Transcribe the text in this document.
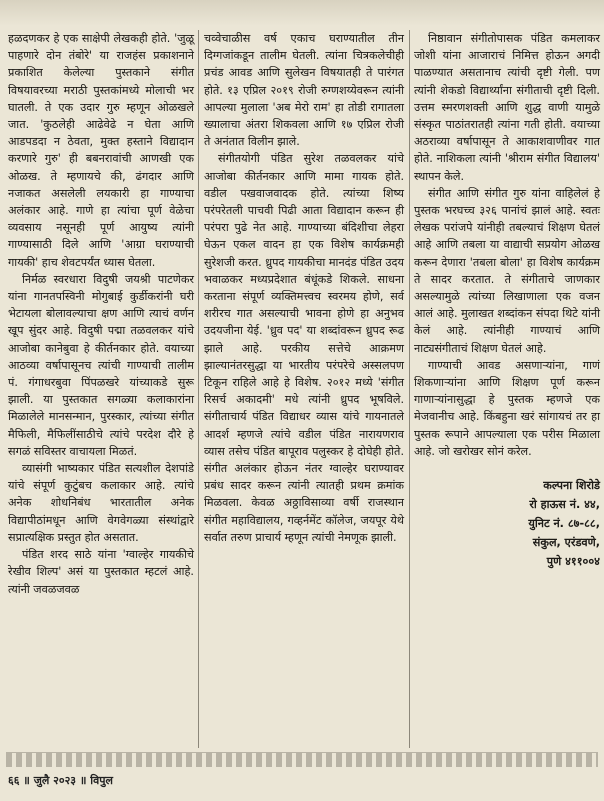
हळदणकर हे एक साक्षेपी लेखकही होते. 'जुळू पाहणारे दोन तंबोरे' या राजहंस प्रकाशनाने प्रकाशित केलेल्या पुस्तकाने संगीत विषयावरच्या मराठी पुस्तकांमध्ये मोलाची भर घातली. ते एक उदार गुरु म्हणून ओळखले जात. 'कुठलेही आढेवेढे न घेता आणि आडपडदा न ठेवता, मुक्त हस्ताने विद्यादान करणारे गुरु' ही बबनरावांची आणखी एक ओळख. ते म्हणायचे की, ढंगदार आणि नजाकत असलेली लयकारी हा गाण्याचा अलंकार आहे. गाणे हा त्यांचा पूर्ण वेळेचा व्यवसाय नसूनही पूर्ण आयुष्य त्यांनी गाण्यासाठी दिले आणि 'आग्रा घराण्याची गायकी' हाच शेवटपर्यंत ध्यास घेतला.

निर्मळ स्वरधारा विदुषी जयश्री पाटणेकर यांना गानतपस्विनी मोगुबाई कुर्डीकरांनी घरी भेटायला बोलावल्याचा क्षण आणि त्याचं वर्णन खूप सुंदर आहे. विदुषी पद्मा तळवलकर यांचे आजोबा कानेबुवा हे कीर्तनकार होते. वयाच्या आठव्या वर्षापासूनच त्यांची गाण्याची तालीम पं. गंगाधरबुवा पिंपळखरे यांच्याकडे सुरू झाली. या पुस्तकात सगळ्या कलाकारांना मिळालेले मानसन्मान, पुरस्कार, त्यांच्या संगीत मैफिली, मैफिलींसाठीचे त्यांचे परदेश दौरे हे सगळं सविस्तर वाचायला मिळतं.

व्यासंगी भाष्यकार पंडित सत्यशील देशपांडे यांचे संपूर्ण कुटुंबच कलाकार आहे. त्यांचे अनेक शोधनिबंध भारतातील अनेक विद्यापीठांमधून आणि वेगवेगळ्या संस्थांद्वारे सप्रात्यक्षिक प्रस्तुत होत असतात.

पंडित शरद साठे यांना 'ग्वाल्हेर गायकीचे रेखीव शिल्प' असं या पुस्तकात म्हटलं आहे. त्यांनी जवळजवळ

चव्वेचाळीस वर्ष एकाच घराण्यातील तीन दिग्गजांकडून तालीम घेतली. त्यांना चित्रकलेचीही प्रचंड आवड आणि सुलेखन विषयातही ते पारंगत होते. १३ एप्रिल २०१९ रोजी रुग्णशय्येवरून त्यांनी आपल्या मुलाला 'अब मेरो राम' हा तोडी रागातला ख्यालाचा अंतरा शिकवला आणि १७ एप्रिल रोजी ते अनंतात विलीन झाले.

संगीतयोगी पंडित सुरेश तळवलकर यांचे आजोबा कीर्तनकार आणि मामा गायक होते. वडील पखवाजवादक होते. त्यांच्या शिष्य परंपरेतली पाचवी पिढी आता विद्यादान करून ही परंपरा पुढे नेत आहे. गाण्याच्या बंदिशीचा लेहरा घेऊन एकल वादन हा एक विशेष कार्यक्रमही सुरेशजी करत. ध्रुपद गायकीचा मानदंड पंडित उदय भवाळकर मध्यप्रदेशात बंधूंकडे शिकले. साधना करताना संपूर्ण व्यक्तिमत्त्वच स्वरमय होणे, सर्व शरीरच गात असल्याची भावना होणे हा अनुभव उदयजीना येई. 'ध्रुव पद' या शब्दांवरून ध्रुपद रूढ झाले आहे. परकीय सत्तेचे आक्रमण झाल्यानंतरसुद्धा या भारतीय परंपरेचे अस्सलपण टिकून राहिले आहे हे विशेष. २०१२ मध्ये 'संगीत रिसर्च अकादमी' मधे त्यांनी ध्रुपद भूषविले. संगीताचार्य पंडित विद्याधर व्यास यांचे गायनातले आदर्श म्हणजे त्यांचे वडील पंडित नारायणराव व्यास तसेच पंडित बापूराव पलुस्कर हे दोघेही होते. संगीत अलंकार होऊन नंतर ग्वाल्हेर घराण्यावर प्रबंध सादर करून त्यांनी त्यातही प्रथम क्रमांक मिळवला. केवळ अठ्ठाविसाव्या वर्षी राजस्थान संगीत महाविद्यालय, गव्हर्नमेंट कॉलेज, जयपूर येथे सर्वात तरुण प्राचार्य म्हणून त्यांची नेमणूक झाली.

निष्ठावान संगीतोपासक पंडित कमलाकर जोशी यांना आजाराचं निमित्त होऊन अगदी पाळण्यात असतानाच त्यांची दृष्टी गेली. पण त्यांनी शेकडो विद्यार्थ्यांना संगीताची दृष्टी दिली. उत्तम स्मरणशक्ती आणि शुद्ध वाणी यामुळे संस्कृत पाठांतरातही त्यांना गती होती. वयाच्या अठराव्या वर्षापासून ते आकाशवाणीवर गात होते. नाशिकला त्यांनी 'श्रीराम संगीत विद्यालय' स्थापन केले.

संगीत आणि संगीत गुरु यांना वाहिलेलं हे पुस्तक भरघच्च ३२६ पानांचं झालं आहे. स्वतः लेखक परांजपे यांनीही तबल्याचं शिक्षण घेतलं आहे आणि तबला या वाद्याची सप्रयोग ओळख करून देणारा 'तबला बोला' हा विशेष कार्यक्रम ते सादर करतात. ते संगीताचे जाणकार असल्यामुळे त्यांच्या लिखाणाला एक वजन आलं आहे. मुलाखत शब्दांकन संपदा थिटे यांनी केलं आहे. त्यांनीही गाण्याचं आणि नाट्यसंगीताचं शिक्षण घेतलं आहे.

गाण्याची आवड असणाऱ्यांना, गाणं शिकणाऱ्यांना आणि शिक्षण पूर्ण करून गाणाऱ्यांनासुद्धा हे पुस्तक म्हणजे एक मेजवानीच आहे. किंबहुना खरं सांगायचं तर हा पुस्तक रूपाने आपल्याला एक परीस मिळाला आहे. जो खरोखर सोनं करेल.

कल्पना शिरोडे
रो हाऊस नं. ४४,
युनिट नं. ८७-८८,
संकुल, एरंडवणे,
पुणे ४११००४
६६ ॥ जुलै २०२३ ॥ विपुल
